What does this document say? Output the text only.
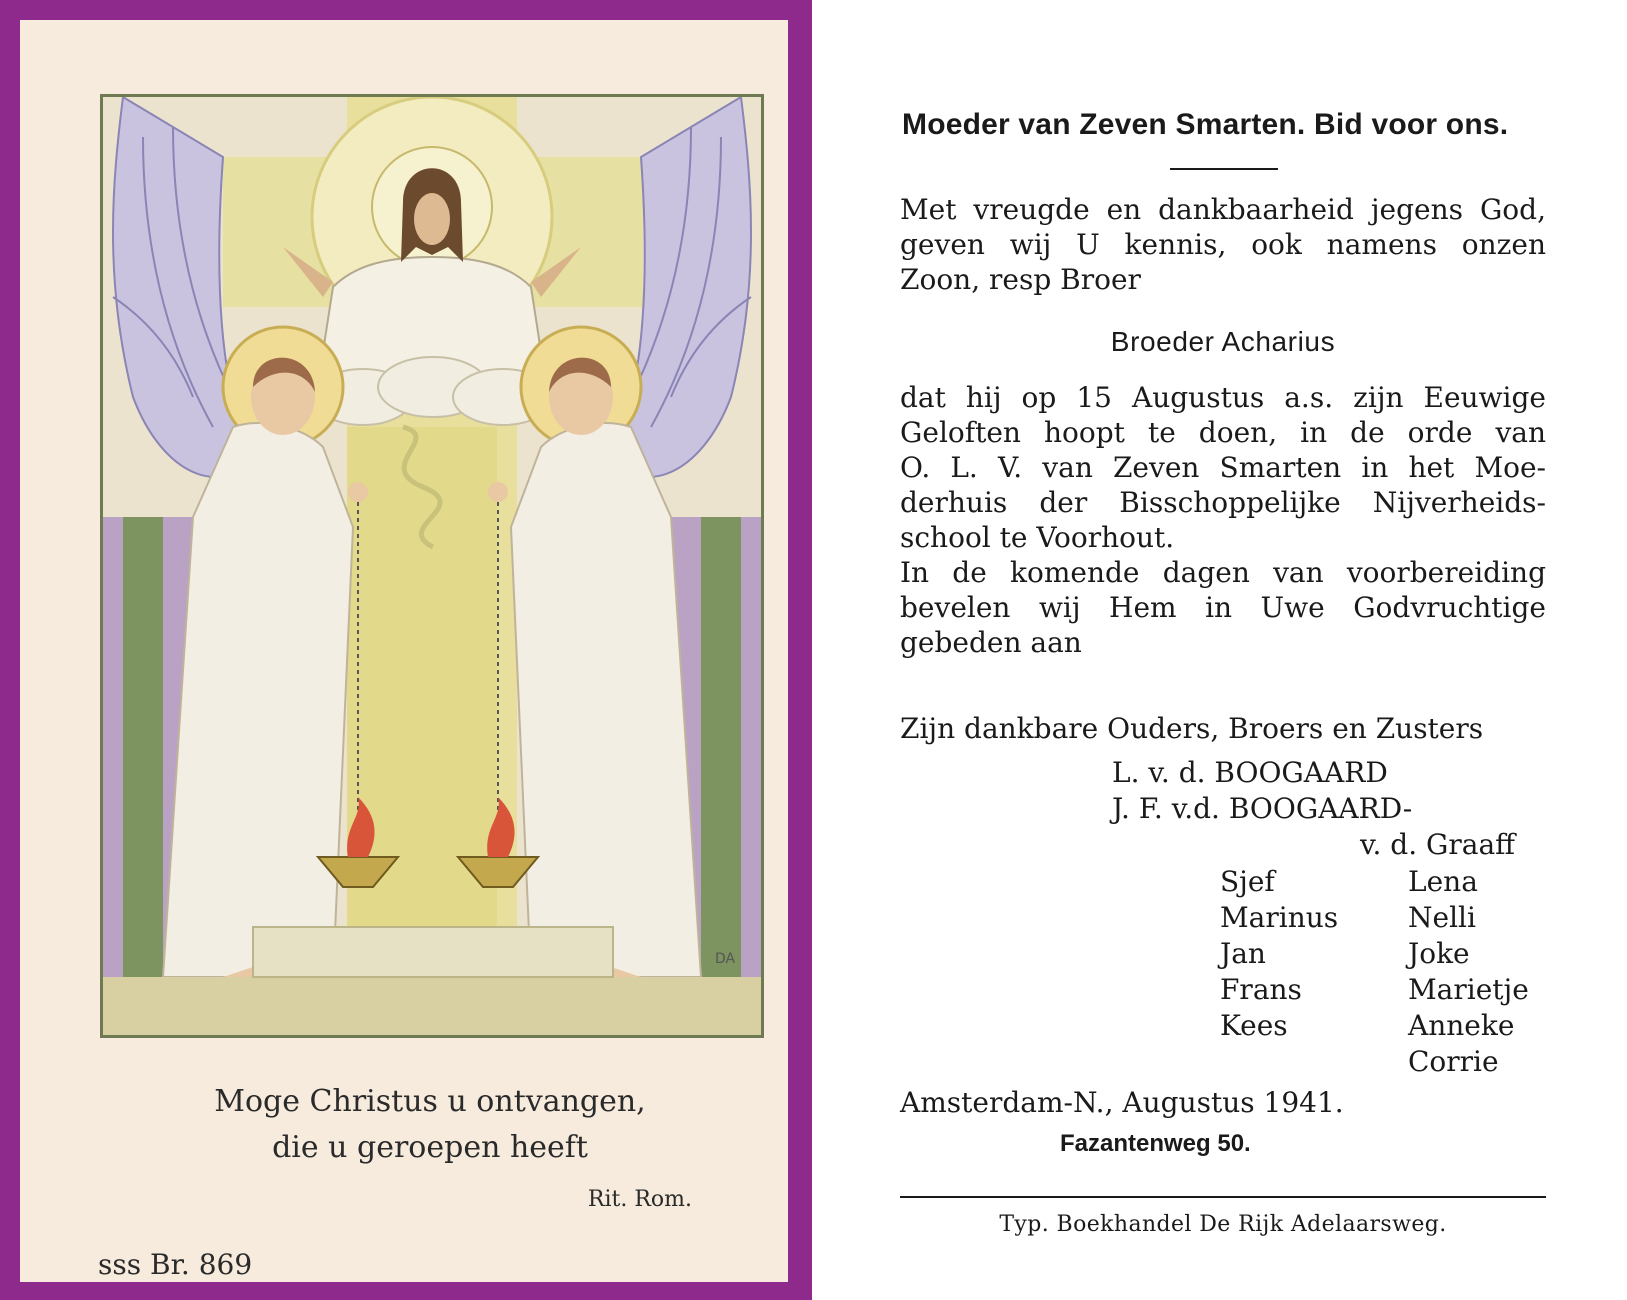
DA
Moge Christus u ontvangen,
die u geroepen heeft
Rit. Rom.
sss Br. 869
Moeder van Zeven Smarten. Bid voor ons.
Met vreugde en dankbaarheid jegens God,
geven wij U kennis, ook namens onzen
Zoon, resp Broer
Broeder Acharius
dat hij op 15 Augustus a.s. zijn Eeuwige
Geloften hoopt te doen, in de orde van
O. L. V. van Zeven Smarten in het Moe-
derhuis der Bisschoppelijke Nijverheids-
school te Voorhout.
In de komende dagen van voorbereiding
bevelen wij Hem in Uwe Godvruchtige
gebeden aan
Zijn dankbare Ouders, Broers en Zusters
L. v. d. BOOGAARD
J. F. v.d. BOOGAARD-
v. d. Graaff
Sjef
Marinus
Jan
Frans
Kees
Lena
Nelli
Joke
Marietje
Anneke
Corrie
Amsterdam-N., Augustus 1941.
Fazantenweg 50.
Typ. Boekhandel De Rijk Adelaarsweg.
